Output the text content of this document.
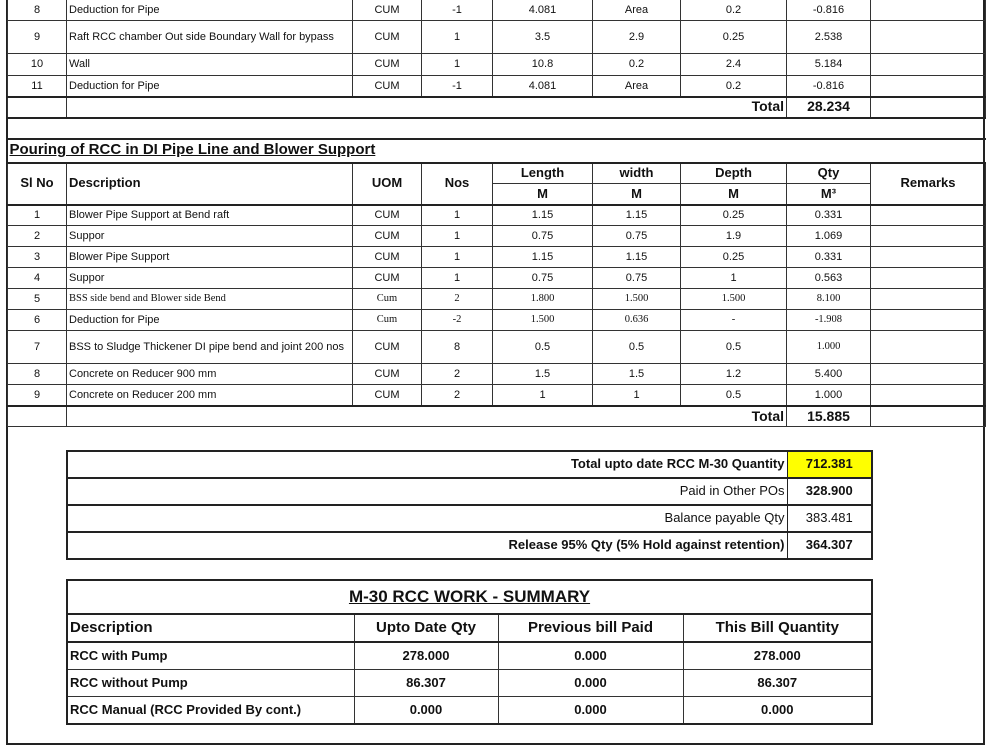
8	Deduction for Pipe	CUM	-1	4.081	Area	0.2	-0.816	
9	Raft RCC chamber Out side Boundary Wall for bypass	CUM	1	3.5	2.9	0.25	2.538	
10	Wall	CUM	1	10.8	0.2	2.4	5.184	
11	Deduction for Pipe	CUM	-1	4.081	Area	0.2	-0.816	
	Total						28.234	

Pouring of RCC in DI Pipe Line and Blower Support								
Sl No	Description	UOM	Nos	Length	width	Depth	Qty	Remarks
				M	M	M	M³	
1	Blower Pipe Support at Bend raft	CUM	1	1.15	1.15	0.25	0.331	
2	Suppor	CUM	1	0.75	0.75	1.9	1.069	
3	Blower Pipe Support	CUM	1	1.15	1.15	0.25	0.331	
4	Suppor	CUM	1	0.75	0.75	1	0.563	
5	BSS side bend and Blower side Bend	Cum	2	1.800	1.500	1.500	8.100	
6	Deduction for Pipe	Cum	-2	1.500	0.636	-	-1.908	
7	BSS to Sludge Thickener DI pipe bend and joint 200 nos	CUM	8	0.5	0.5	0.5	1.000	
8	Concrete on Reducer 900 mm	CUM	2	1.5	1.5	1.2	5.400	
9	Concrete on Reducer 200 mm	CUM	2	1	1	0.5	1.000	
	Total						15.885	
Total upto date RCC M-30 Quantity	712.381
Paid in Other POs	328.900
Balance payable Qty	383.481
Release 95% Qty (5% Hold against retention)	364.307
M-30 RCC WORK - SUMMARY			
Description	Upto Date Qty	Previous bill Paid	This Bill Quantity
RCC with Pump	278.000	0.000	278.000
RCC without Pump	86.307	0.000	86.307
RCC Manual (RCC Provided By cont.)	0.000	0.000	0.000
